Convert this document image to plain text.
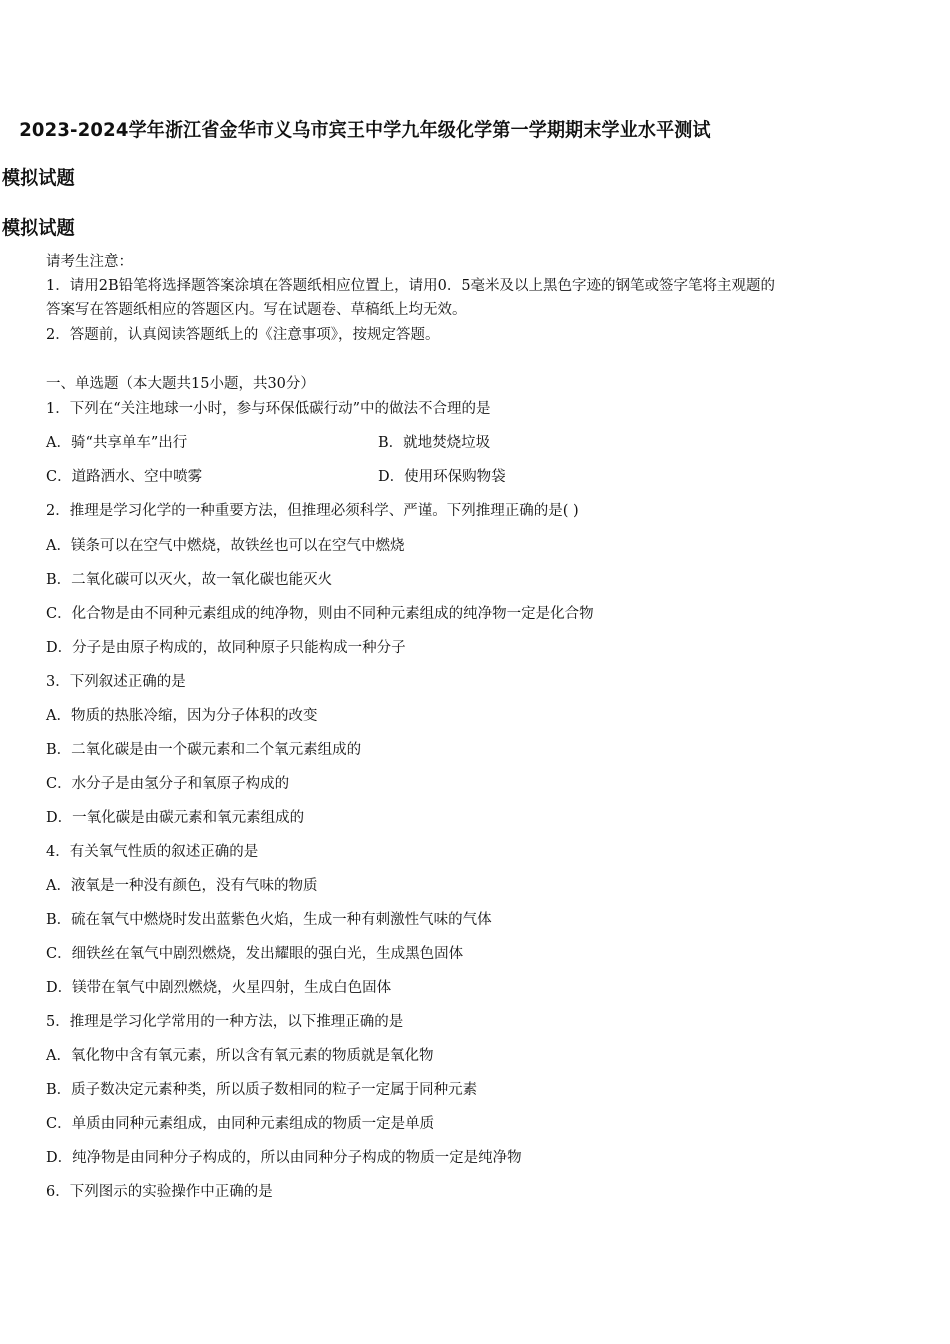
2023-2024学年浙江省金华市义乌市宾王中学九年级化学第一学期期末学业水平测试
模拟试题
模拟试题
请考生注意：
1．请用2B铅笔将选择题答案涂填在答题纸相应位置上，请用0．5毫米及以上黑色字迹的钢笔或签字笔将主观题的
答案写在答题纸相应的答题区内。写在试题卷、草稿纸上均无效。
2．答题前，认真阅读答题纸上的《注意事项》，按规定答题。
一、单选题（本大题共15小题，共30分）
1．下列在“关注地球一小时，参与环保低碳行动”中的做法不合理的是
A．骑“共享单车”出行	B．就地焚烧垃圾
C．道路洒水、空中喷雾	D．使用环保购物袋
2．推理是学习化学的一种重要方法，但推理必须科学、严谨。下列推理正确的是( )
A．镁条可以在空气中燃烧，故铁丝也可以在空气中燃烧
B．二氧化碳可以灭火，故一氧化碳也能灭火
C．化合物是由不同种元素组成的纯净物，则由不同种元素组成的纯净物一定是化合物
D．分子是由原子构成的，故同种原子只能构成一种分子
3．下列叙述正确的是
A．物质的热胀冷缩，因为分子体积的改变
B．二氧化碳是由一个碳元素和二个氧元素组成的
C．水分子是由氢分子和氧原子构成的
D．一氧化碳是由碳元素和氧元素组成的
4．有关氧气性质的叙述正确的是
A．液氧是一种没有颜色，没有气味的物质
B．硫在氧气中燃烧时发出蓝紫色火焰，生成一种有刺激性气味的气体
C．细铁丝在氧气中剧烈燃烧，发出耀眼的强白光，生成黑色固体
D．镁带在氧气中剧烈燃烧，火星四射，生成白色固体
5．推理是学习化学常用的一种方法，以下推理正确的是
A．氧化物中含有氧元素，所以含有氧元素的物质就是氧化物
B．质子数决定元素种类，所以质子数相同的粒子一定属于同种元素
C．单质由同种元素组成，由同种元素组成的物质一定是单质
D．纯净物是由同种分子构成的，所以由同种分子构成的物质一定是纯净物
6．下列图示的实验操作中正确的是
